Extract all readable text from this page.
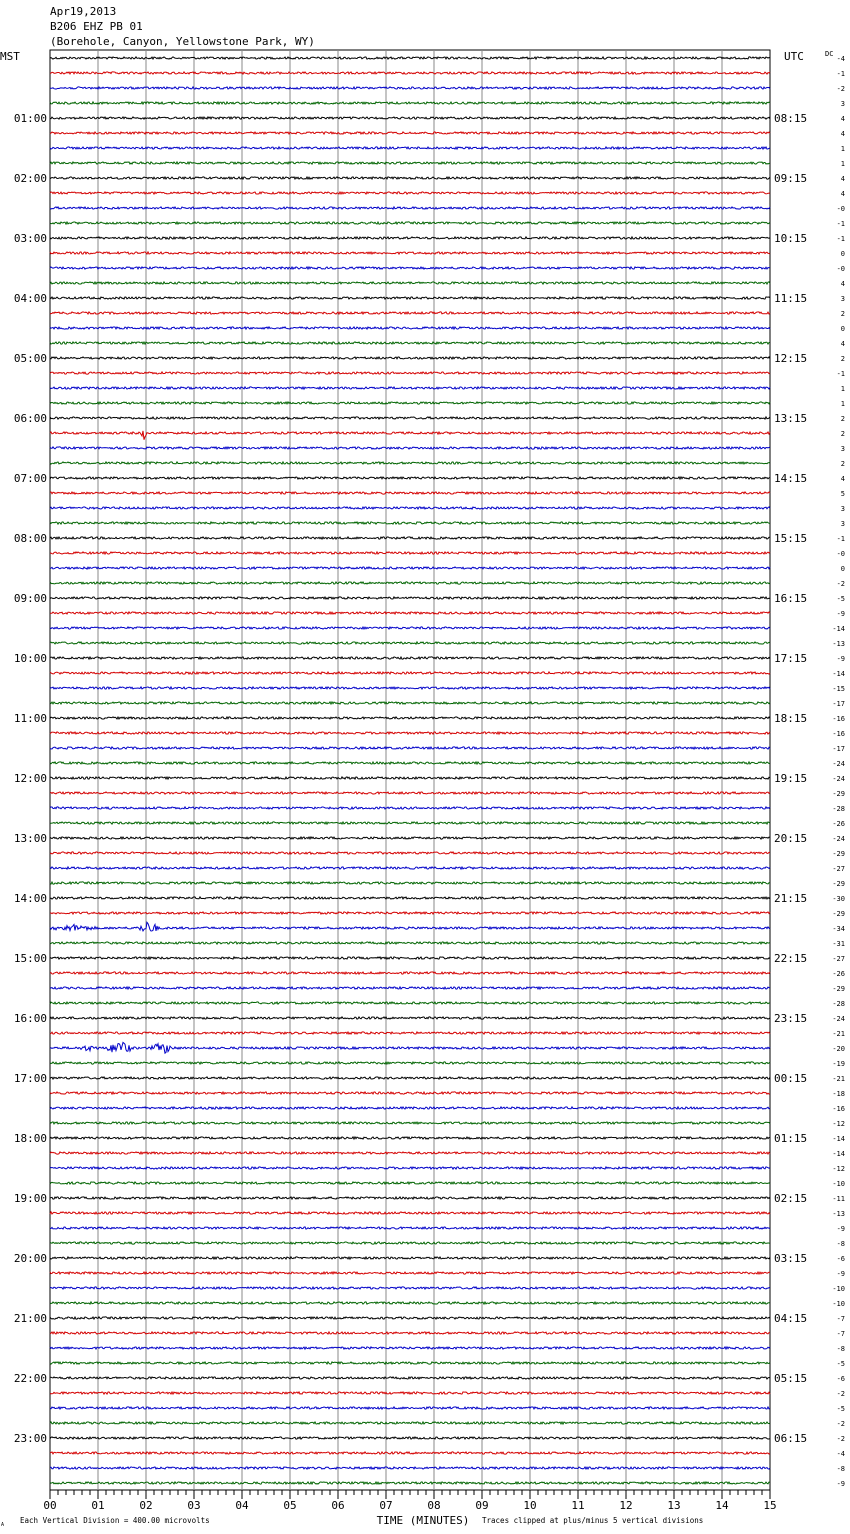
Apr19,2013
B206 EHZ PB 01
(Borehole, Canyon, Yellowstone Park, WY)
-4
-1
-2
3
4
4
1
1
4
4
-0
-1
-1
0
-0
4
3
2
0
4
2
-1
1
1
2
2
3
2
4
5
3
3
-1
-0
0
-2
-5
-9
-14
-13
-9
-14
-15
-17
-16
-16
-17
-24
-24
-29
-28
-26
-24
-29
-27
-29
-30
-29
-34
-31
-27
-26
-29
-28
-24
-21
-20
-19
-21
-18
-16
-12
-14
-14
-12
-10
-11
-13
-9
-8
-6
-9
-10
-10
-7
-7
-8
-5
-6
-2
-5
-2
-2
-4
-8
-9
MST	UTC	DC
01:00
02:00
03:00
04:00
05:00
06:00
07:00
08:00
09:00
10:00
11:00
12:00
13:00
14:00
15:00
16:00
17:00
18:00
19:00
20:00
21:00
22:00
23:00
08:15
09:15
10:15
11:15
12:15
13:15
14:15
15:15
16:15
17:15
18:15
19:15
20:15
21:15
22:15
23:15
00:15
01:15
02:15
03:15
04:15
05:15
06:15
00	01	02	03	04	05	06	07	08	09	10	11	12	13	14	15
TIME (MINUTES)
Each Vertical Division = 400.00 microvolts	Traces clipped at plus/minus 5 vertical divisions
A
